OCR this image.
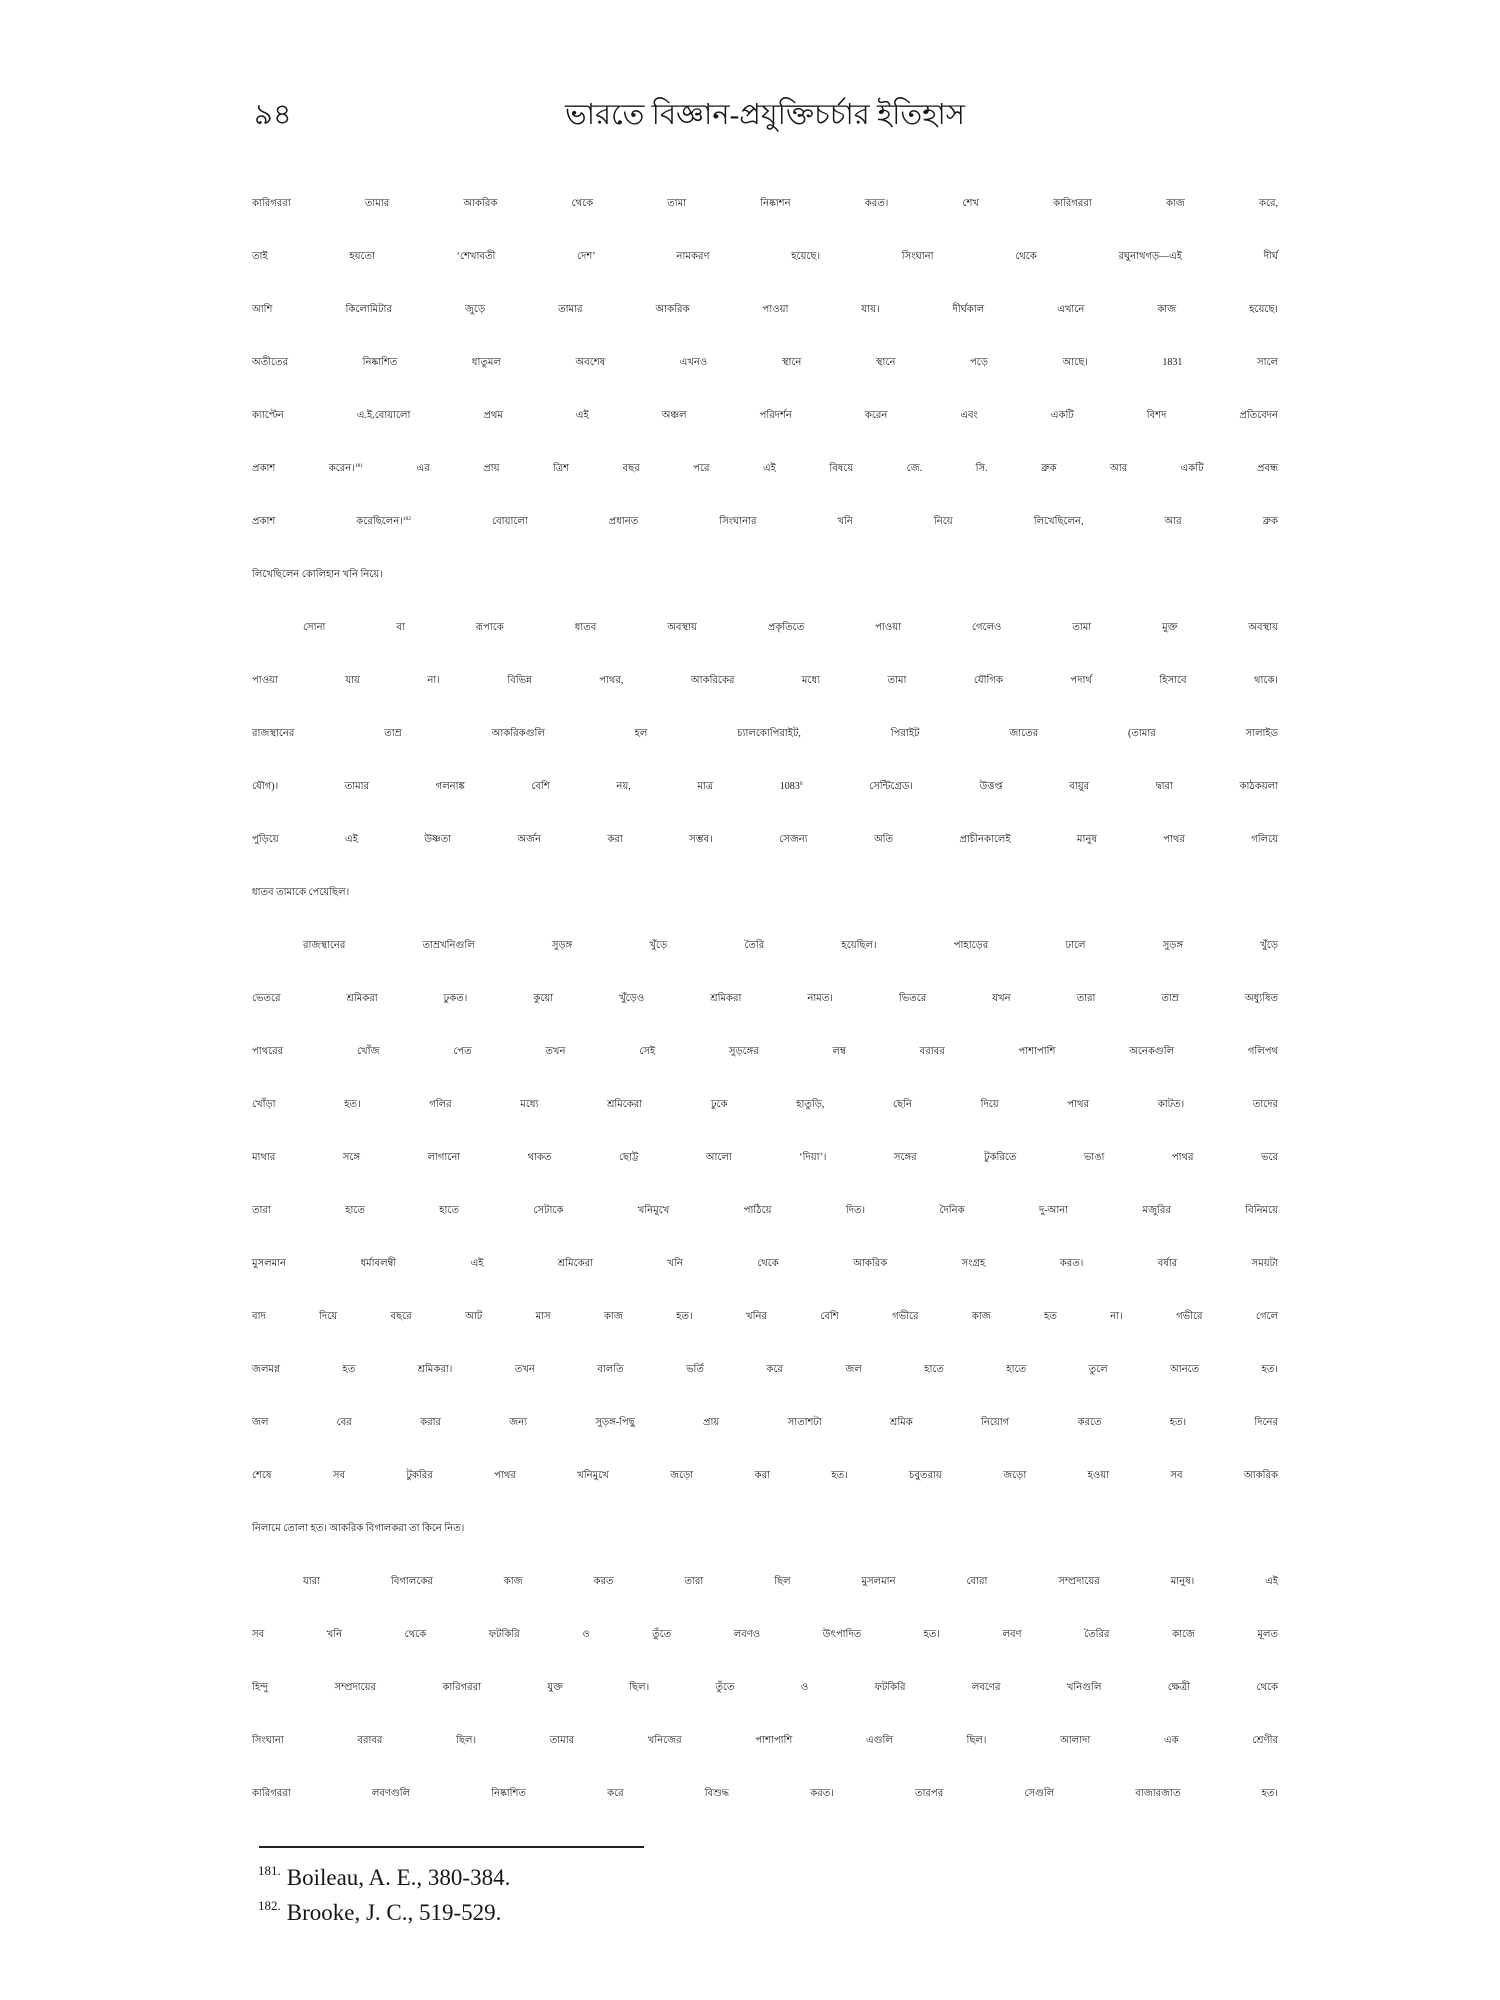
৯৪	ভারতে বিজ্ঞান-প্রযুক্তিচর্চার ইতিহাস
কারিগররা তামার আকরিক থেকে তামা নিষ্কাশন করত। শেখ কারিগররা কাজ করে,
তাই হয়তো ‘শেখাবতী দেশ’ নামকরণ হয়েছে। সিংঘানা থেকে রঘুনাথগড়—এই দীর্ঘ
আশি কিলোমিটার জুড়ে তামার আকরিক পাওয়া যায়। দীর্ঘকাল এখানে কাজ হয়েছে।
অতীতের নিষ্কাশিত ধাতুমল অবশেষ এখনও স্থানে স্থানে পড়ে আছে। 1831 সালে
ক্যাপ্টেন এ.ই.বোয়ালো প্রথম এই অঞ্চল পরিদর্শন করেন এবং একটি বিশদ প্রতিবেদন
প্রকাশ করেন।$^{181}$ এর প্রায় ত্রিশ বছর পরে এই বিষয়ে জে. সি. ব্রুক আর একটি প্রবন্ধ
প্রকাশ করেছিলেন।$^{182}$ বোয়ালো প্রধানত সিংঘানার খনি নিয়ে লিখেছিলেন, আর ব্রুক
লিখেছিলেন কোলিহান খনি নিয়ে।
সোনা বা রূপাকে ধাতব অবস্থায় প্রকৃতিতে পাওয়া গেলেও তামা মুক্ত অবস্থায়
পাওয়া যায় না। বিভিন্ন পাথর, আকরিকের মধ্যে তামা যৌগিক পদার্থ হিসাবে থাকে।
রাজস্থানের তাম্র আকরিকগুলি হল চ্যালকোপিরাইট, পিরাইট জাতের (তামার সালাইড
যৌগ)। তামার গলনাঙ্ক বেশি নয়, মাত্র 1083$^0$ সেন্টিগ্রেড। উত্তপ্ত বায়ুর দ্বারা কাঠকয়লা
পুড়িয়ে এই উষ্ণতা অর্জন করা সম্ভব। সেজন্য অতি প্রাচীনকালেই মানুষ পাথর গলিয়ে
ধাতব তামাকে পেয়েছিল।
রাজস্থানের তাম্রখনিগুলি সুড়ঙ্গ খুঁড়ে তৈরি হয়েছিল। পাহাড়ের ঢালে সুড়ঙ্গ খুঁড়ে
ভেতরে শ্রমিকরা ঢুকত। কুয়ো খুঁড়েও শ্রমিকরা নামত। ভিতরে যখন তারা তাম্র অধ্যুষিত
পাথরের খোঁজ পেত তখন সেই সুড়ঙ্গের লম্ব বরাবর পাশাপাশি অনেকগুলি গলিপথ
খোঁড়া হত। গলির মধ্যে শ্রমিকেরা ঢুকে হাতুড়ি, ছেনি দিয়ে পাথর কাটত। তাদের
মাথার সঙ্গে লাগানো থাকত ছোট্ট আলো ‘দিয়া’। সঙ্গের টুকরিতে ভাঙা পাথর ভরে
তারা হাতে হাতে সেটাকে খনিমুখে পাঠিয়ে দিত। দৈনিক দু-আনা মজুরির বিনিময়ে
মুসলমান ধর্মাবলম্বী এই শ্রমিকেরা খনি থেকে আকরিক সংগ্রহ করত। বর্ষার সময়টা
বাদ দিয়ে বছরে আট মাস কাজ হত। খনির বেশি গভীরে কাজ হত না। গভীরে গেলে
জলমগ্ন হত শ্রমিকরা। তখন বালতি ভর্তি করে জল হাতে হাতে তুলে আনতে হত।
জল বের করার জন্য সুড়ঙ্গ-পিছু প্রায় সাতাশটা শ্রমিক নিয়োগ করতে হত। দিনের
শেষে সব টুকরির পাথর খনিমুখে জড়ো করা হত। চবুতরায় জড়ো হওয়া সব আকরিক
নিলামে তোলা হত। আকরিক বিগালকরা তা কিনে নিত।
যারা বিগালকের কাজ করত তারা ছিল মুসলমান বোরা সম্প্রদায়ের মানুষ। এই
সব খনি থেকে ফটকিরি ও তুঁতে লবণও উৎপাদিত হত। লবণ তৈরির কাজে মূলত
হিন্দু সম্প্রদায়ের কারিগররা যুক্ত ছিল। তুঁতে ও ফটকিরি লবণের খনিগুলি ক্ষেত্রী থেকে
সিংঘানা বরাবর ছিল। তামার খনিজের পাশাপাশি এগুলি ছিল। আলাদা এক শ্রেণীর
কারিগররা লবণগুলি নিষ্কাশিত করে বিশুদ্ধ করত। তারপর সেগুলি বাজারজাত হত।
$^{181.}$ Boileau, A. E., 380-384.
$^{182.}$ Brooke, J. C., 519-529.
